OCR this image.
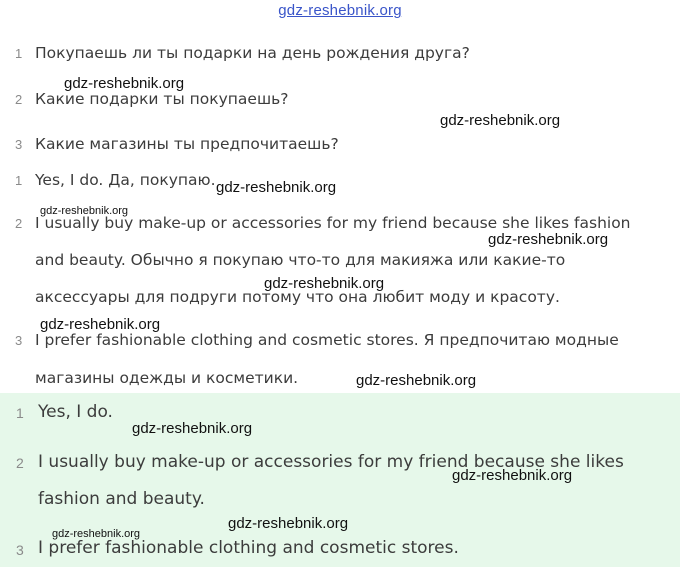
gdz-reshebnik.org
1 Покупаешь ли ты подарки на день рождения друга?
2 Какие подарки ты покупаешь?
3 Какие магазины ты предпочитаешь?
1 Yes, I do. Да, покупаю.
2 I usually buy make-up or accessories for my friend because she likes fashion
and beauty. Обычно я покупаю что-то для макияжа или какие-то
аксессуары для подруги потому что она любит моду и красоту.
3 I prefer fashionable clothing and cosmetic stores. Я предпочитаю модные
магазины одежды и косметики.
1 Yes, I do.
2 I usually buy make-up or accessories for my friend because she likes
fashion and beauty.
3 I prefer fashionable clothing and cosmetic stores.
gdz-reshebnik.org
gdz-reshebnik.org
gdz-reshebnik.org
gdz-reshebnik.org
gdz-reshebnik.org
gdz-reshebnik.org
gdz-reshebnik.org
gdz-reshebnik.org
gdz-reshebnik.org
gdz-reshebnik.org
gdz-reshebnik.org
gdz-reshebnik.org
